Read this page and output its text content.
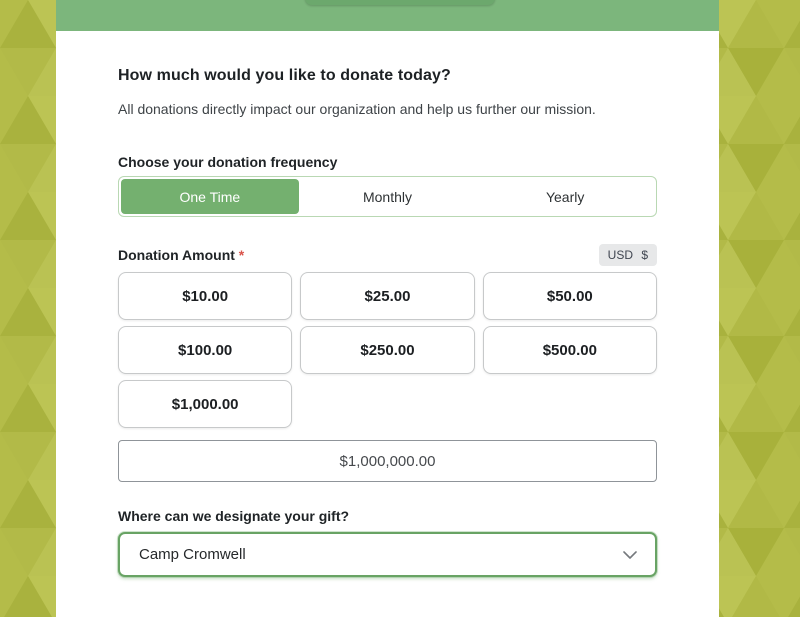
How much would you like to donate today?

All donations directly impact our organization and help us further our mission.

Choose your donation frequency
One Time	Monthly	Yearly
Donation Amount *	USD $
$10.00	$25.00	$50.00
$100.00	$250.00	$500.00
$1,000.00
$1,000,000.00
Where can we designate your gift?
Camp Cromwell
